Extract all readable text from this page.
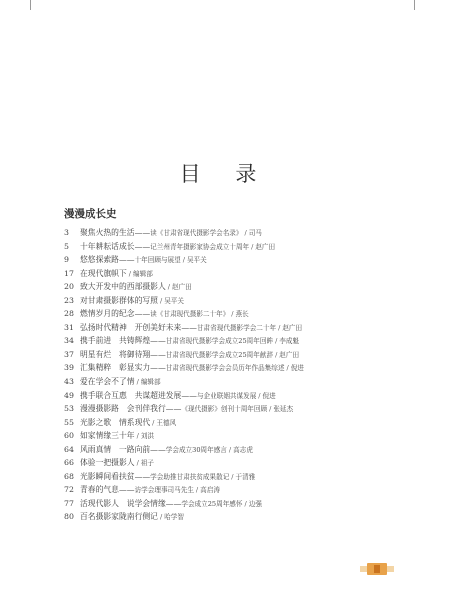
目 录
漫漫成长史
3	聚焦火热的生活 —— 读《甘肃省现代摄影学会名录》 / 司马
5	十年耕耘话成长 —— 记兰州青年摄影家协会成立十周年 / 赵广田
9	悠悠探索路 —— 十年回顾与展望 / 吴平关
17 在现代旗帜下 / 编辑部
20 致大开发中的西部摄影人 / 赵广田
23 对甘肃摄影群体的写照 / 吴平关
28 燃情岁月的纪念 —— 读《甘肃现代摄影二十年》 / 燕长
31 弘扬时代精神　开创美好未来 —— 甘肃省现代摄影学会二十年 / 赵广田
34 携手前进　共铸辉煌 —— 甘肃省现代摄影学会成立25周年回眸 / 李成魁
37 明星有烂　将御待翔 —— 甘肃省现代摄影学会成立25周年献辞 / 赵广田
39 汇集精粹　彰显实力 —— 甘肃省现代摄影学会会员历年作品集综述 / 倪进
43 爱在学会不了情 / 编辑部
49 携手联合互惠　共谋超进发展 —— 与企业联姻共谋发展 / 倪进
53 漫漫摄影路　会刊伴我行 —— 《现代摄影》创刊十周年回顾 / 张延杰
55 光影之歌　情系现代 / 王德风
60 如家情缘三十年 / 刘洪
64 风雨真情　一路向前 —— 学会成立30周年感言 / 高志虎
66 体验一把摄影人 / 祖子
68 光影瞬间看扶贫 —— 学会助推甘肃扶贫成果散记 / 于清雅
72 青春的气息 —— 访学会理事司马先生 / 高启涛
77 活现代影人　说学会情缘 —— 学会成立25周年感怀 / 边强
80 百名摄影家陇南行侧记 / 哈学智
